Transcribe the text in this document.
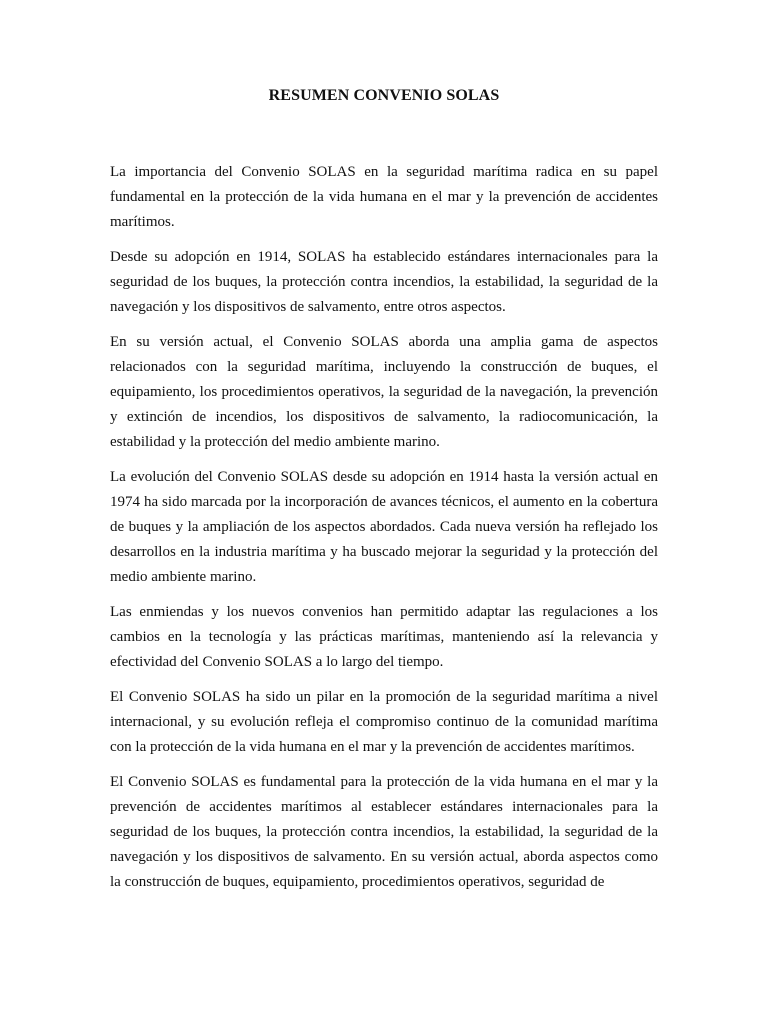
RESUMEN CONVENIO SOLAS

La importancia del Convenio SOLAS en la seguridad marítima radica en su papel fundamental en la protección de la vida humana en el mar y la prevención de accidentes marítimos.

Desde su adopción en 1914, SOLAS ha establecido estándares internacionales para la seguridad de los buques, la protección contra incendios, la estabilidad, la seguridad de la navegación y los dispositivos de salvamento, entre otros aspectos.

En su versión actual, el Convenio SOLAS aborda una amplia gama de aspectos relacionados con la seguridad marítima, incluyendo la construcción de buques, el equipamiento, los procedimientos operativos, la seguridad de la navegación, la prevención y extinción de incendios, los dispositivos de salvamento, la radiocomunicación, la estabilidad y la protección del medio ambiente marino.

La evolución del Convenio SOLAS desde su adopción en 1914 hasta la versión actual en 1974 ha sido marcada por la incorporación de avances técnicos, el aumento en la cobertura de buques y la ampliación de los aspectos abordados. Cada nueva versión ha reflejado los desarrollos en la industria marítima y ha buscado mejorar la seguridad y la protección del medio ambiente marino.

Las enmiendas y los nuevos convenios han permitido adaptar las regulaciones a los cambios en la tecnología y las prácticas marítimas, manteniendo así la relevancia y efectividad del Convenio SOLAS a lo largo del tiempo.

El Convenio SOLAS ha sido un pilar en la promoción de la seguridad marítima a nivel internacional, y su evolución refleja el compromiso continuo de la comunidad marítima con la protección de la vida humana en el mar y la prevención de accidentes marítimos.

El Convenio SOLAS es fundamental para la protección de la vida humana en el mar y la prevención de accidentes marítimos al establecer estándares internacionales para la seguridad de los buques, la protección contra incendios, la estabilidad, la seguridad de la navegación y los dispositivos de salvamento. En su versión actual, aborda aspectos como la construcción de buques, equipamiento, procedimientos operativos, seguridad de
